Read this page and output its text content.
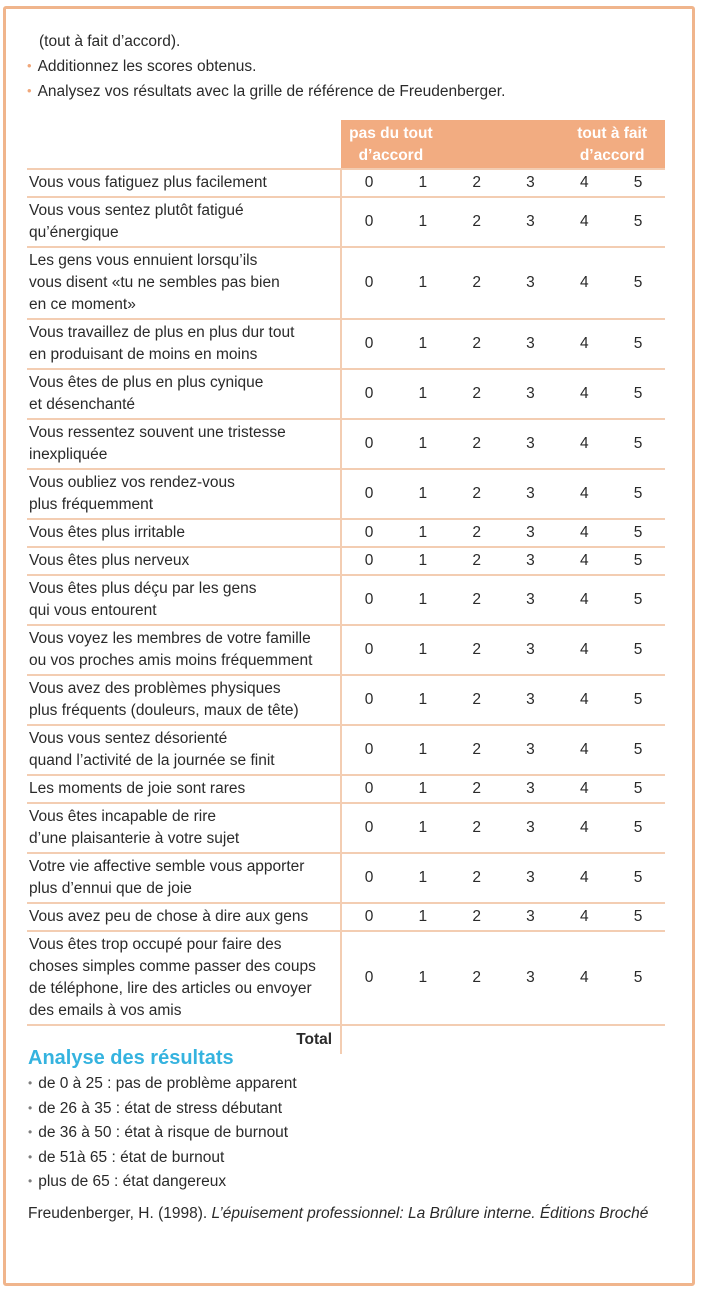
(tout à fait d’accord).
• Additionnez les scores obtenus.
• Analysez vos résultats avec la grille de référence de Freudenberger.

	pas du tout
d’accord
tout à fait
d’accord					

Vous vous fatiguez plus facilement	0	1	2	3	4	5

Vous vous sentez plutôt fatigué
qu’énergique	0	1	2	3	4	5

Les gens vous ennuient lorsqu’ils
vous disent «tu ne sembles pas bien
en ce moment»	0	1	2	3	4	5

Vous travaillez de plus en plus dur tout
en produisant de moins en moins	0	1	2	3	4	5

Vous êtes de plus en plus cynique
et désenchanté	0	1	2	3	4	5

Vous ressentez souvent une tristesse
inexpliquée	0	1	2	3	4	5

Vous oubliez vos rendez-vous
plus fréquemment	0	1	2	3	4	5

Vous êtes plus irritable	0	1	2	3	4	5

Vous êtes plus nerveux	0	1	2	3	4	5

Vous êtes plus déçu par les gens
qui vous entourent	0	1	2	3	4	5

Vous voyez les membres de votre famille
ou vos proches amis moins fréquemment	0	1	2	3	4	5

Vous avez des problèmes physiques
plus fréquents (douleurs, maux de tête)	0	1	2	3	4	5

Vous vous sentez désorienté
quand l’activité de la journée se finit	0	1	2	3	4	5

Les moments de joie sont rares	0	1	2	3	4	5

Vous êtes incapable de rire
d’une plaisanterie à votre sujet	0	1	2	3	4	5

Votre vie affective semble vous apporter
plus d’ennui que de joie	0	1	2	3	4	5

Vous avez peu de chose à dire aux gens	0	1	2	3	4	5

Vous êtes trop occupé pour faire des
choses simples comme passer des coups
de téléphone, lire des articles ou envoyer
des emails à vos amis	0	1	2	3	4	5
Total						
Analyse des résultats
• de 0 à 25 : pas de problème apparent
• de 26 à 35 : état de stress débutant
• de 36 à 50 : état à risque de burnout
• de 51à 65 : état de burnout
• plus de 65 : état dangereux
Freudenberger, H. (1998). L’épuisement professionnel: La Brûlure interne. Éditions Broché
